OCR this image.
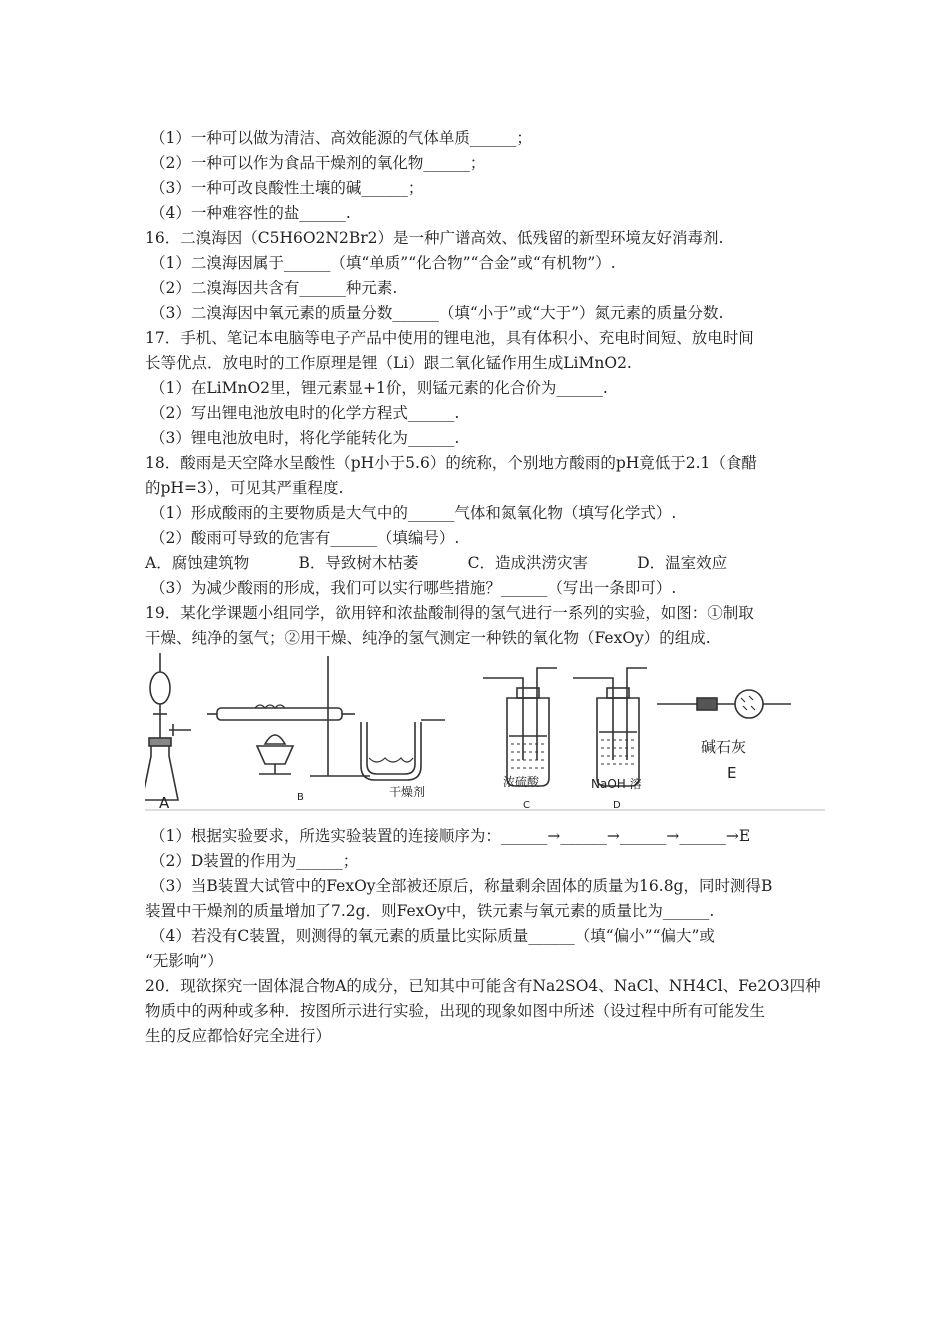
（1）一种可以做为清洁、高效能源的气体单质______；
（2）一种可以作为食品干燥剂的氧化物______；
（3）一种可改良酸性土壤的碱______；
（4）一种难容性的盐______.
16．二溴海因（C5H6O2N2Br2）是一种广谱高效、低残留的新型环境友好消毒剂.
（1）二溴海因属于______（填“单质”“化合物”“合金”或“有机物”）.
（2）二溴海因共含有______种元素.
（3）二溴海因中氧元素的质量分数______（填“小于”或“大于”）氮元素的质量分数.
17．手机、笔记本电脑等电子产品中使用的锂电池，具有体积小、充电时间短、放电时间
长等优点．放电时的工作原理是锂（Li）跟二氧化锰作用生成LiMnO2.
（1）在LiMnO2里，锂元素显+1价，则锰元素的化合价为______.
（2）写出锂电池放电时的化学方程式______.
（3）锂电池放电时，将化学能转化为______.
18．酸雨是天空降水呈酸性（pH小于5.6）的统称，个别地方酸雨的pH竟低于2.1（食醋
的pH=3），可见其严重程度.
（1）形成酸雨的主要物质是大气中的______气体和氮氧化物（填写化学式）.
（2）酸雨可导致的危害有______（填编号）.
A．腐蚀建筑物          B．导致树木枯萎          C．造成洪涝灾害          D．温室效应
（3）为减少酸雨的形成，我们可以实行哪些措施？______（写出一条即可）.
19．某化学课题小组同学，欲用锌和浓盐酸制得的氢气进行一系列的实验，如图：①制取
干燥、纯净的氢气；②用干燥、纯净的氢气测定一种铁的氧化物（FexOy）的组成.
A	B	干燥剂
浓硫酸
C
NaOH 溶
D
碱石灰
E
（1）根据实验要求，所选实验装置的连接顺序为：______→______→______→______→E
（2）D装置的作用为______；
（3）当B装置大试管中的FexOy全部被还原后，称量剩余固体的质量为16.8g，同时测得B
装置中干燥剂的质量增加了7.2g．则FexOy中，铁元素与氧元素的质量比为______.
（4）若没有C装置，则测得的氧元素的质量比实际质量______（填“偏小”“偏大”或
“无影响”）
20．现欲探究一固体混合物A的成分，已知其中可能含有Na2SO4、NaCl、NH4Cl、Fe2O3四种
物质中的两种或多种．按图所示进行实验，出现的现象如图中所述（设过程中所有可能发生
生的反应都恰好完全进行）
